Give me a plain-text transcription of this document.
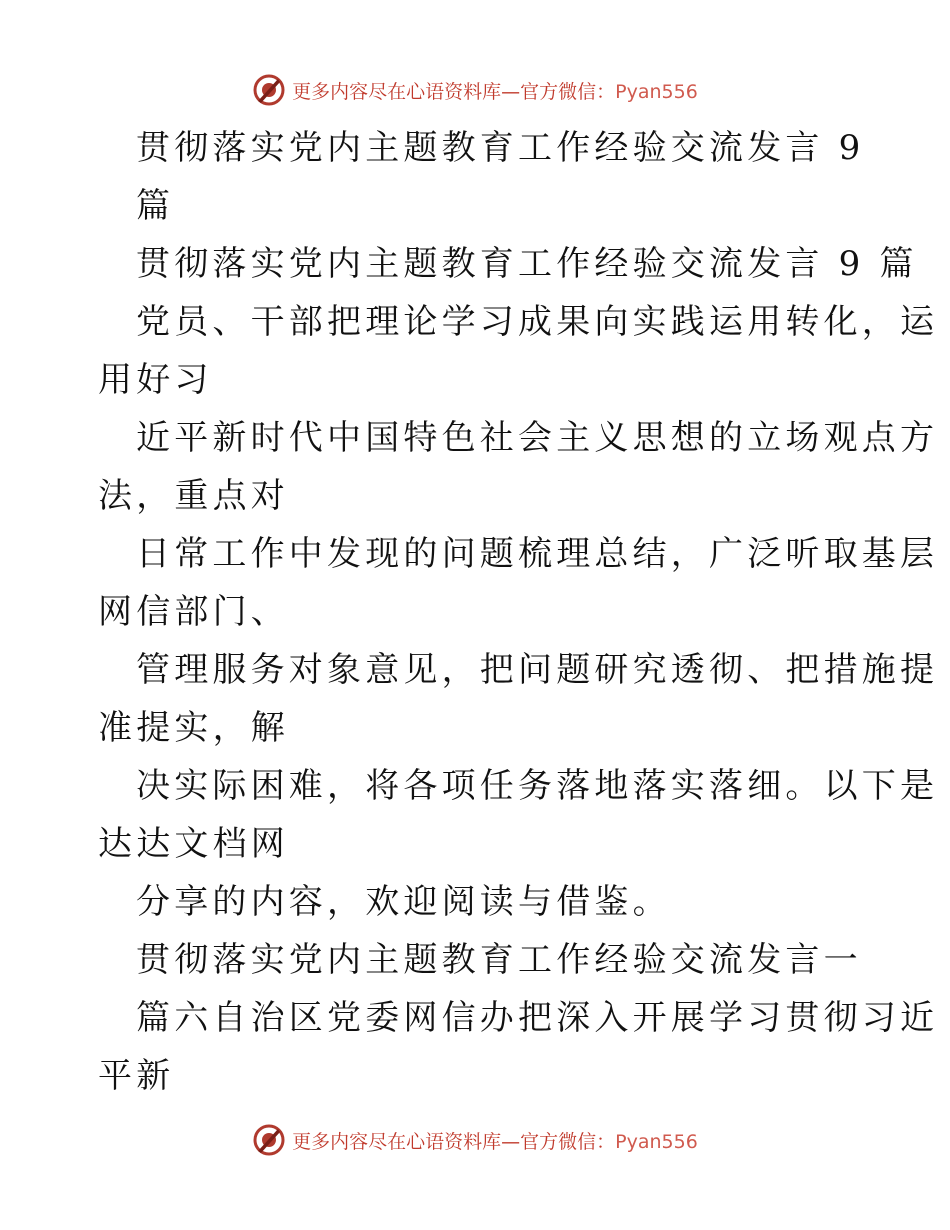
更多内容尽在心语资料库—官方微信：Pyan556
贯彻落实党内主题教育工作经验交流发言 9
篇
贯彻落实党内主题教育工作经验交流发言 9 篇
党员、干部把理论学习成果向实践运用转化，运
用好习
近平新时代中国特色社会主义思想的立场观点方
法，重点对
日常工作中发现的问题梳理总结，广泛听取基层
网信部门、
管理服务对象意见，把问题研究透彻、把措施提
准提实，解
决实际困难，将各项任务落地落实落细。以下是
达达文档网
分享的内容，欢迎阅读与借鉴。
贯彻落实党内主题教育工作经验交流发言一
篇六自治区党委网信办把深入开展学习贯彻习近
平新
更多内容尽在心语资料库—官方微信：Pyan556
